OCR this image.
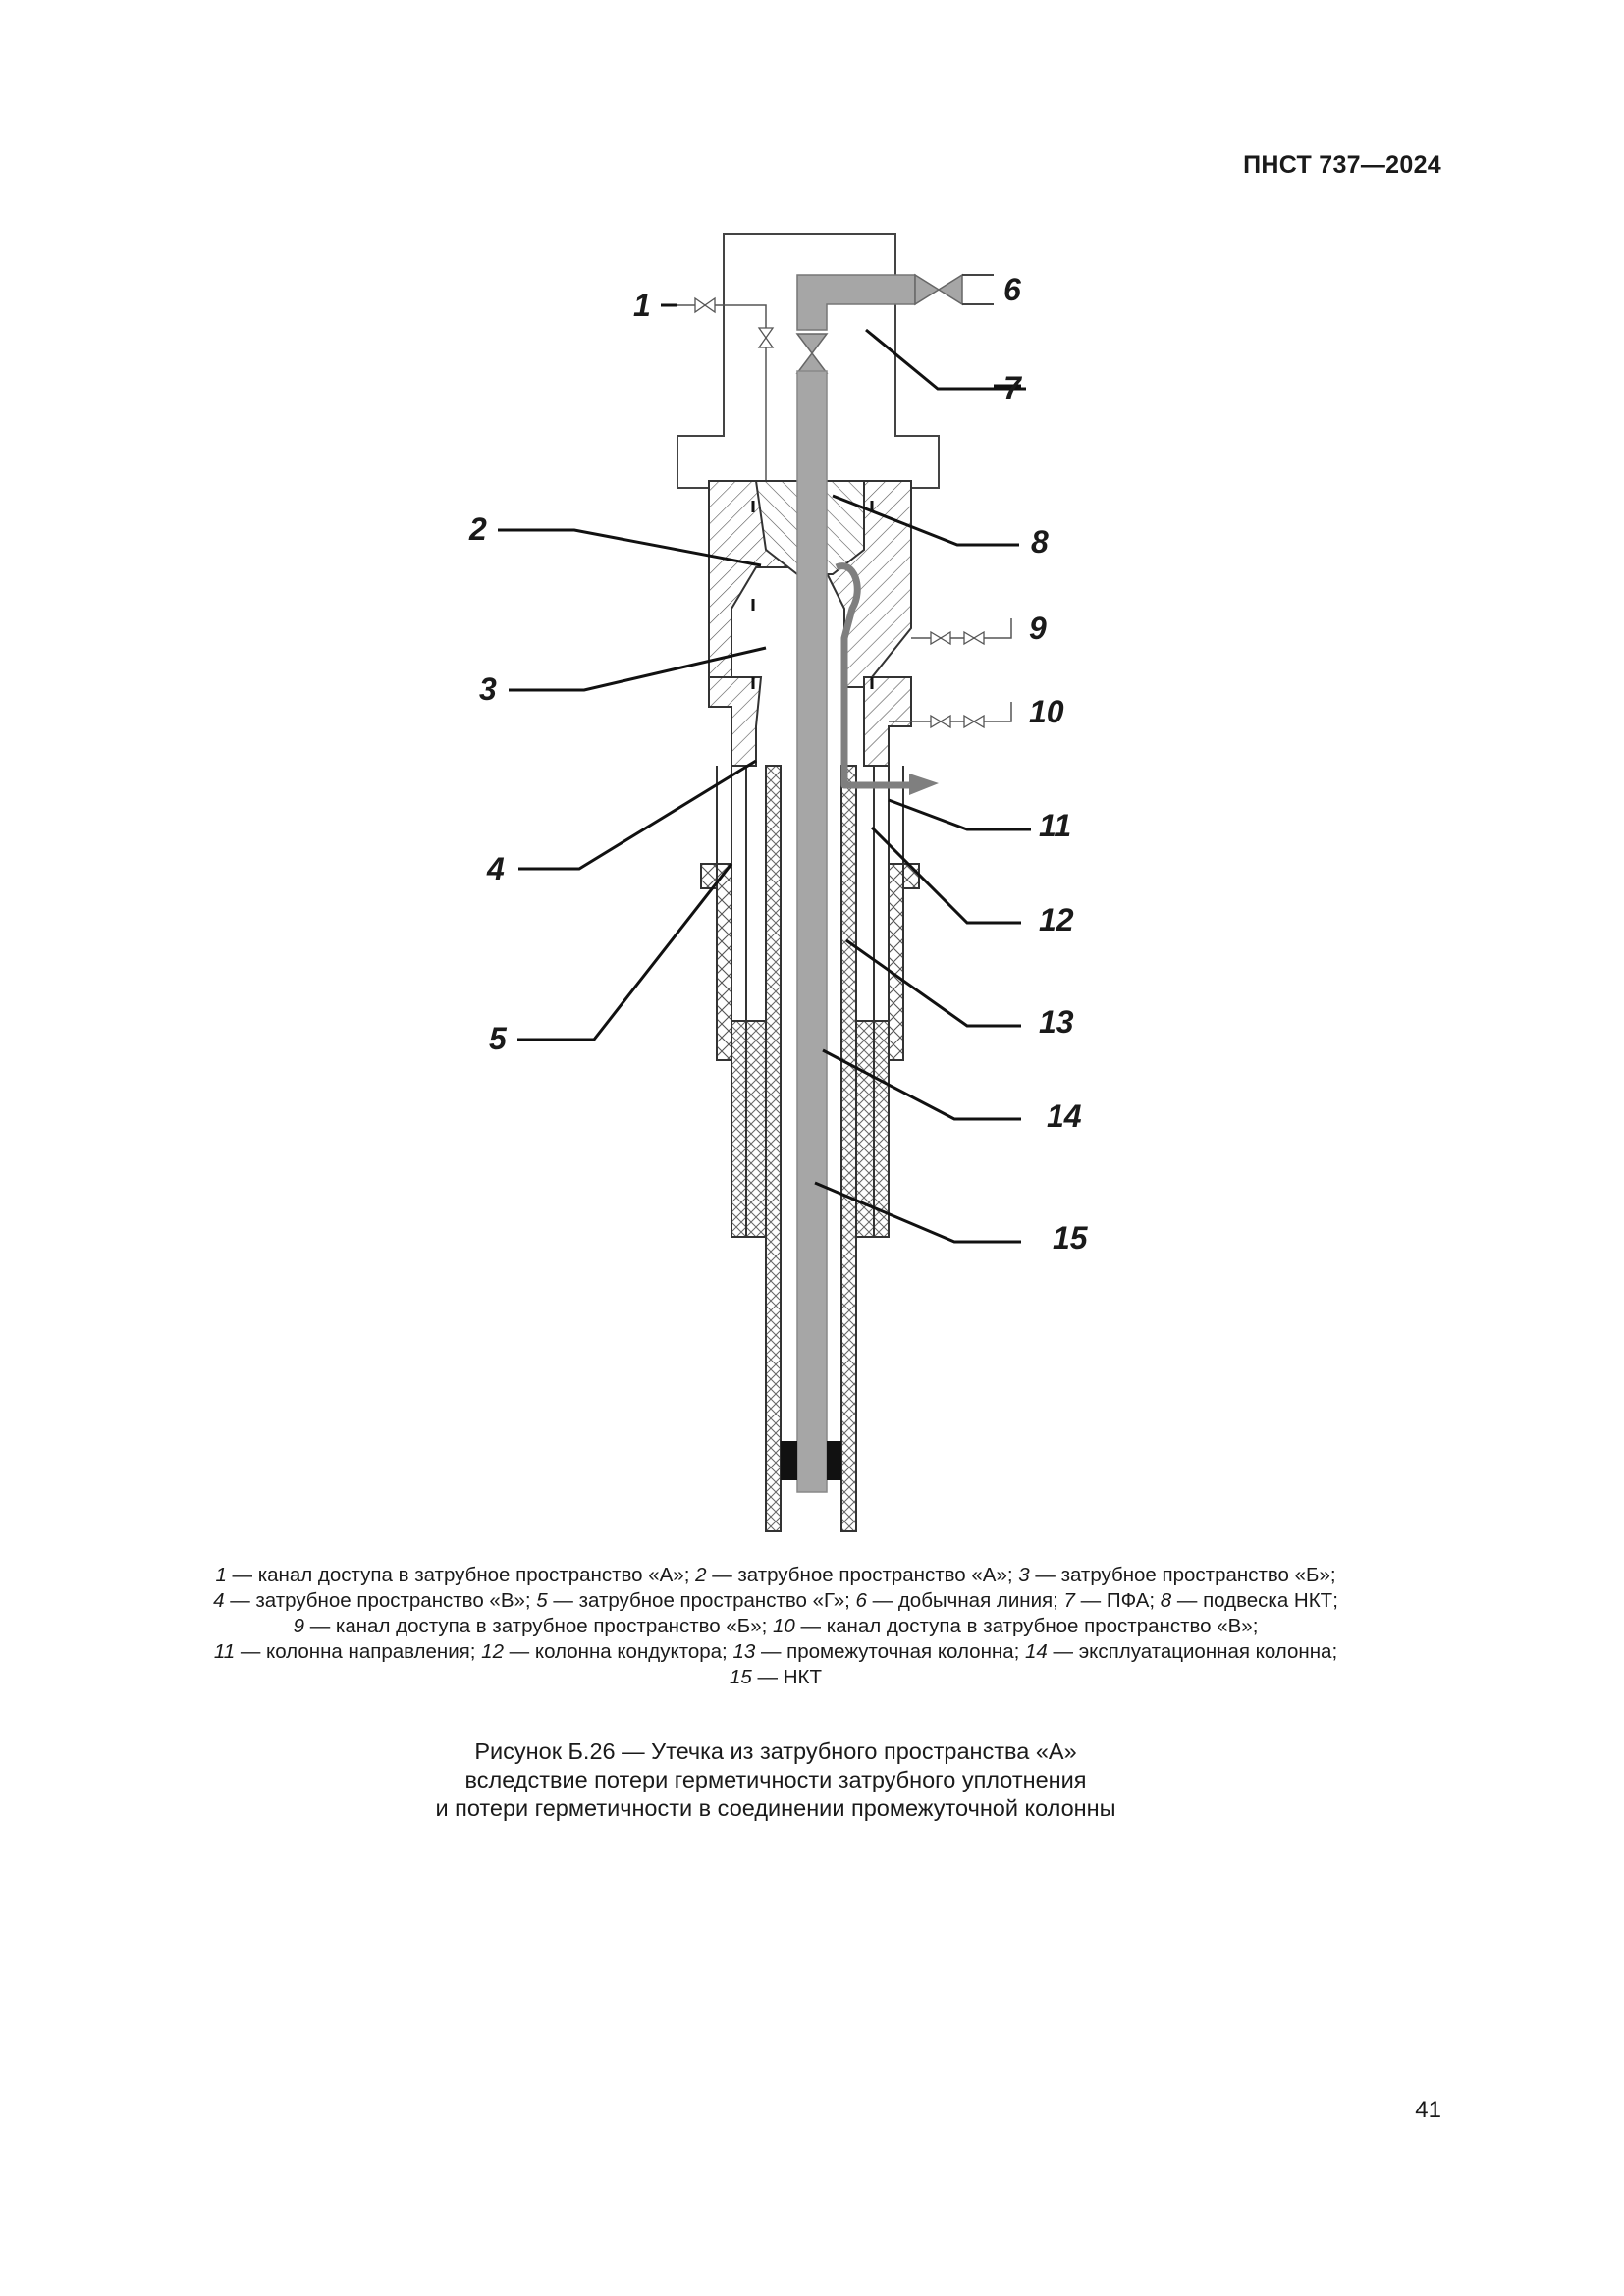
ПНСТ 737—2024
1
2
3
4
5
6
7
8
9
10
11
12
13
14
15
1 — канал доступа в затрубное пространство «А»; 2 — затрубное пространство «А»; 3 — затрубное пространство «Б»;
4 — затрубное пространство «В»; 5 — затрубное пространство «Г»; 6 — добычная линия; 7 — ПФА; 8 — подвеска НКТ;
9 — канал доступа в затрубное пространство «Б»; 10 — канал доступа в затрубное пространство «В»;
11 — колонна направления; 12 — колонна кондуктора; 13 — промежуточная колонна; 14 — эксплуатационная колонна;
15 — НКТ
Рисунок Б.26 — Утечка из затрубного пространства «А»
вследствие потери герметичности затрубного уплотнения
и потери герметичности в соединении промежуточной колонны
41
